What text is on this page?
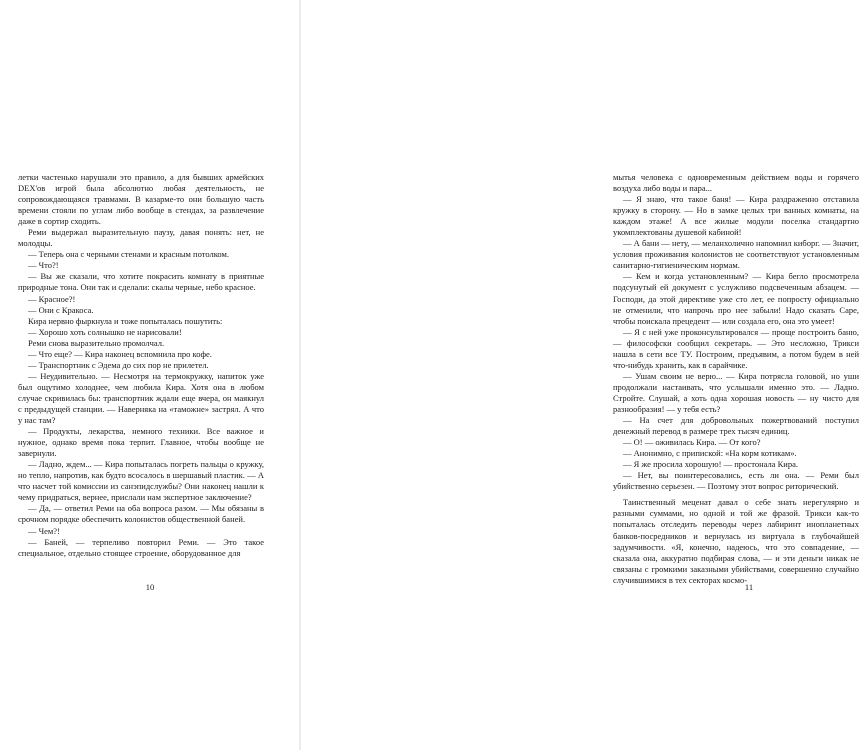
летки частенько нарушали это правило, а для бывших армейских DEX'ов игрой была абсолютно любая деятельность, не сопровождающаяся травмами. В казарме-то они большую часть времени стояли по углам либо вообще в стендах, за развлечение даже в сортир сходить.

Реми выдержал выразительную паузу, давая понять: нет, не молодцы.

— Теперь она с черными стенами и красным потолком.

— Что?!

— Вы же сказали, что хотите покрасить комнату в приятные природные тона. Они так и сделали: скалы черные, небо красное.

— Красное?!

— Они с Кракоса.

Кира нервно фыркнула и тоже попыталась пошутить:

— Хорошо хоть солнышко не нарисовали!

Реми снова выразительно промолчал.

— Что еще? — Кира наконец вспомнила про кофе.

— Транспортник с Эдема до сих пор не прилетел.

— Неудивительно. — Несмотря на термокружку, напиток уже был ощутимо холоднее, чем любила Кира. Хотя она в любом случае скривилась бы: транспортник ждали еще вчера, он маякнул с предыдущей станции. — Наверняка на «таможне» застрял. А что у нас там?

— Продукты, лекарства, немного техники. Все важное и нужное, однако время пока терпит. Главное, чтобы вообще не завернули.

— Ладно, ждем... — Кира попыталась погреть пальцы о кружку, но тепло, напротив, как будто всосалось в шершавый пластик. — А что насчет той комиссии из санэпидслужбы? Они наконец нашли к чему придраться, вернее, прислали нам экспертное заключение?

— Да, — ответил Реми на оба вопроса разом. — Мы обязаны в срочном порядке обеспечить колонистов общественной баней.

— Чем?!

— Баней, — терпеливо повторил Реми. — Это такое специальное, отдельно стоящее строение, оборудованное для

10

мытья человека с одновременным действием воды и горячего воздуха либо воды и пара...

— Я знаю, что такое баня! — Кира раздраженно отставила кружку в сторону. — Но в замке целых три ванных комнаты, на каждом этаже! А все жилые модули поселка стандартно укомплектованы душевой кабиной!

— А бани — нету, — меланхолично напомнил киборг. — Значит, условия проживания колонистов не соответствуют установленным санитарно-гигиеническим нормам.

— Кем и когда установленным? — Кира бегло просмотрела подсунутый ей документ с услужливо подсвеченным абзацем. — Господи, да этой директиве уже сто лет, ее попросту официально не отменили, что напрочь про нее забыли! Надо сказать Саре, чтобы поискала прецедент — или создала его, она это умеет!

— Я с ней уже проконсультировался — проще построить баню, — философски сообщил секретарь. — Это несложно, Трикси нашла в сети все ТУ. Построим, предъявим, а потом будем в ней что-нибудь хранить, как в сарайчике.

— Ушам своим не верю... — Кира потрясла головой, но уши продолжали настаивать, что услышали именно это. — Ладно. Стройте. Слушай, а хоть одна хорошая новость — ну чисто для разнообразия! — у тебя есть?

— На счет для добровольных пожертвований поступил денежный перевод в размере трех тысяч единиц.

— О! — оживилась Кира. — От кого?

— Анонимно, с припиской: «На корм котикам».

— Я же просила хорошую! — простонала Кира.

— Нет, вы поинтересовались, есть ли она. — Реми был убийственно серьезен. — Поэтому этот вопрос риторический.

Таинственный меценат давал о себе знать нерегулярно и разными суммами, но одной и той же фразой. Трикси как-то попыталась отследить переводы через лабиринт инопланетных банков-посредников и вернулась из виртуала в глубочайшей задумчивости. «Я, конечно, надеюсь, что это совпадение, — сказала она, аккуратно подбирая слова, — и эти деньги никак не связаны с громкими заказными убийствами, совершенно случайно случившимися в тех секторах космо-

11
